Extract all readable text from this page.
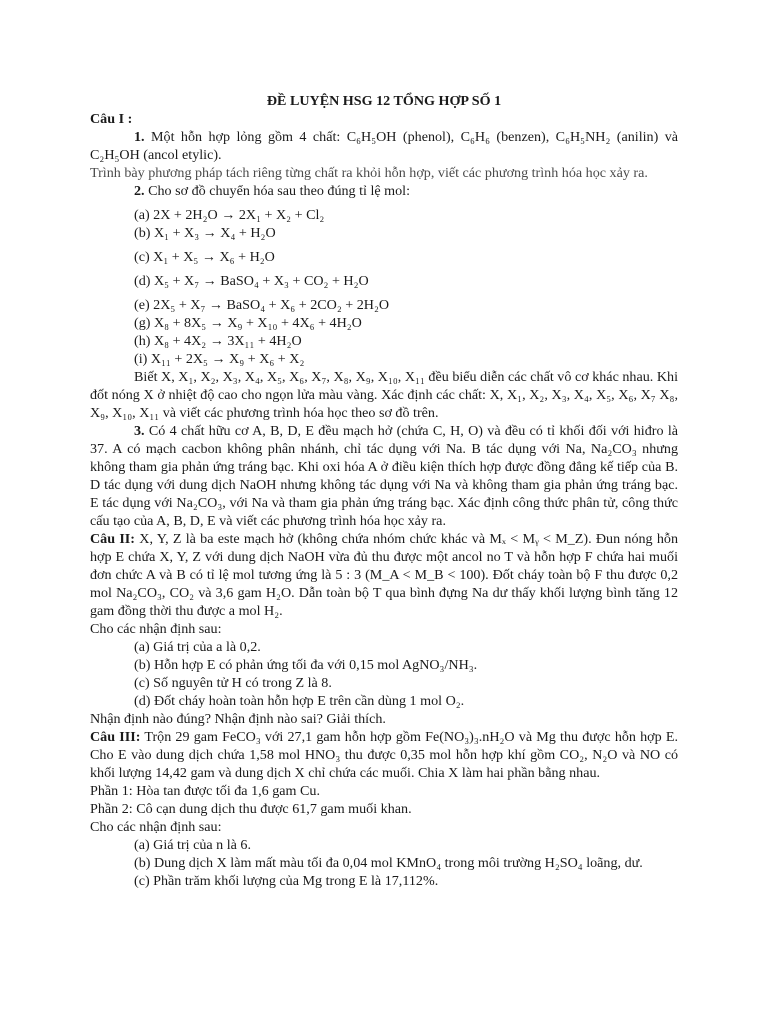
ĐỀ LUYỆN HSG 12 TỔNG HỢP SỐ 1

Câu I :

1. Một hỗn hợp lỏng gồm 4 chất: C₆H₅OH (phenol), C₆H₆ (benzen), C₆H₅NH₂ (anilin) và C₂H₅OH (ancol etylic).

Trình bày phương pháp tách riêng từng chất ra khỏi hỗn hợp, viết các phương trình hóa học xảy ra.

2. Cho sơ đồ chuyển hóa sau theo đúng tỉ lệ mol:

(a) 2X + 2H₂O → 2X₁ + X₂ + Cl₂

(b) X₁ + X₃ → X₄ + H₂O

(c) X₁ + X₅ → X₆ + H₂O

(d) X₅ + X₇ → BaSO₄ + X₃ + CO₂ + H₂O

(e) 2X₅ + X₇ → BaSO₄ + X₆ + 2CO₂ + 2H₂O

(g) X₈ + 8X₅ → X₉ + X₁₀ + 4X₆ + 4H₂O

(h) X₈ + 4X₂ → 3X₁₁ + 4H₂O

(i) X₁₁ + 2X₅ → X₉ + X₆ + X₂

Biết X, X₁, X₂, X₃, X₄, X₅, X₆, X₇, X₈, X₉, X₁₀, X₁₁ đều biểu diễn các chất vô cơ khác nhau. Khi đốt nóng X ở nhiệt độ cao cho ngọn lửa màu vàng. Xác định các chất: X, X₁, X₂, X₃, X₄, X₅, X₆, X₇ X₈, X₉, X₁₀, X₁₁ và viết các phương trình hóa học theo sơ đồ trên.

3. Có 4 chất hữu cơ A, B, D, E đều mạch hở (chứa C, H, O) và đều có tỉ khối đối với hiđro là 37. A có mạch cacbon không phân nhánh, chỉ tác dụng với Na. B tác dụng với Na, Na₂CO₃ nhưng không tham gia phản ứng tráng bạc. Khi oxi hóa A ở điều kiện thích hợp được đồng đẳng kế tiếp của B. D tác dụng với dung dịch NaOH nhưng không tác dụng với Na và không tham gia phản ứng tráng bạc. E tác dụng với Na₂CO₃, với Na và tham gia phản ứng tráng bạc. Xác định công thức phân tử, công thức cấu tạo của A, B, D, E và viết các phương trình hóa học xảy ra.

Câu II: X, Y, Z là ba este mạch hở (không chứa nhóm chức khác và Mₓ < Mᵧ < M_Z). Đun nóng hỗn hợp E chứa X, Y, Z với dung dịch NaOH vừa đủ thu được một ancol no T và hỗn hợp F chứa hai muối đơn chức A và B có tỉ lệ mol tương ứng là 5 : 3 (M_A < M_B < 100). Đốt cháy toàn bộ F thu được 0,2 mol Na₂CO₃, CO₂ và 3,6 gam H₂O. Dẫn toàn bộ T qua bình đựng Na dư thấy khối lượng bình tăng 12 gam đồng thời thu được a mol H₂.

Cho các nhận định sau:

(a) Giá trị của a là 0,2.

(b) Hỗn hợp E có phản ứng tối đa với 0,15 mol AgNO₃/NH₃.

(c) Số nguyên tử H có trong Z là 8.

(d) Đốt cháy hoàn toàn hỗn hợp E trên cần dùng 1 mol O₂.

Nhận định nào đúng? Nhận định nào sai? Giải thích.

Câu III: Trộn 29 gam FeCO₃ với 27,1 gam hỗn hợp gồm Fe(NO₃)₃.nH₂O và Mg thu được hỗn hợp E. Cho E vào dung dịch chứa 1,58 mol HNO₃ thu được 0,35 mol hỗn hợp khí gồm CO₂, N₂O và NO có khối lượng 14,42 gam và dung dịch X chỉ chứa các muối. Chia X làm hai phần bằng nhau.

Phần 1: Hòa tan được tối đa 1,6 gam Cu.

Phần 2: Cô cạn dung dịch thu được 61,7 gam muối khan.

Cho các nhận định sau:

(a) Giá trị của n là 6.

(b) Dung dịch X làm mất màu tối đa 0,04 mol KMnO₄ trong môi trường H₂SO₄ loãng, dư.

(c) Phần trăm khối lượng của Mg trong E là 17,112%.
